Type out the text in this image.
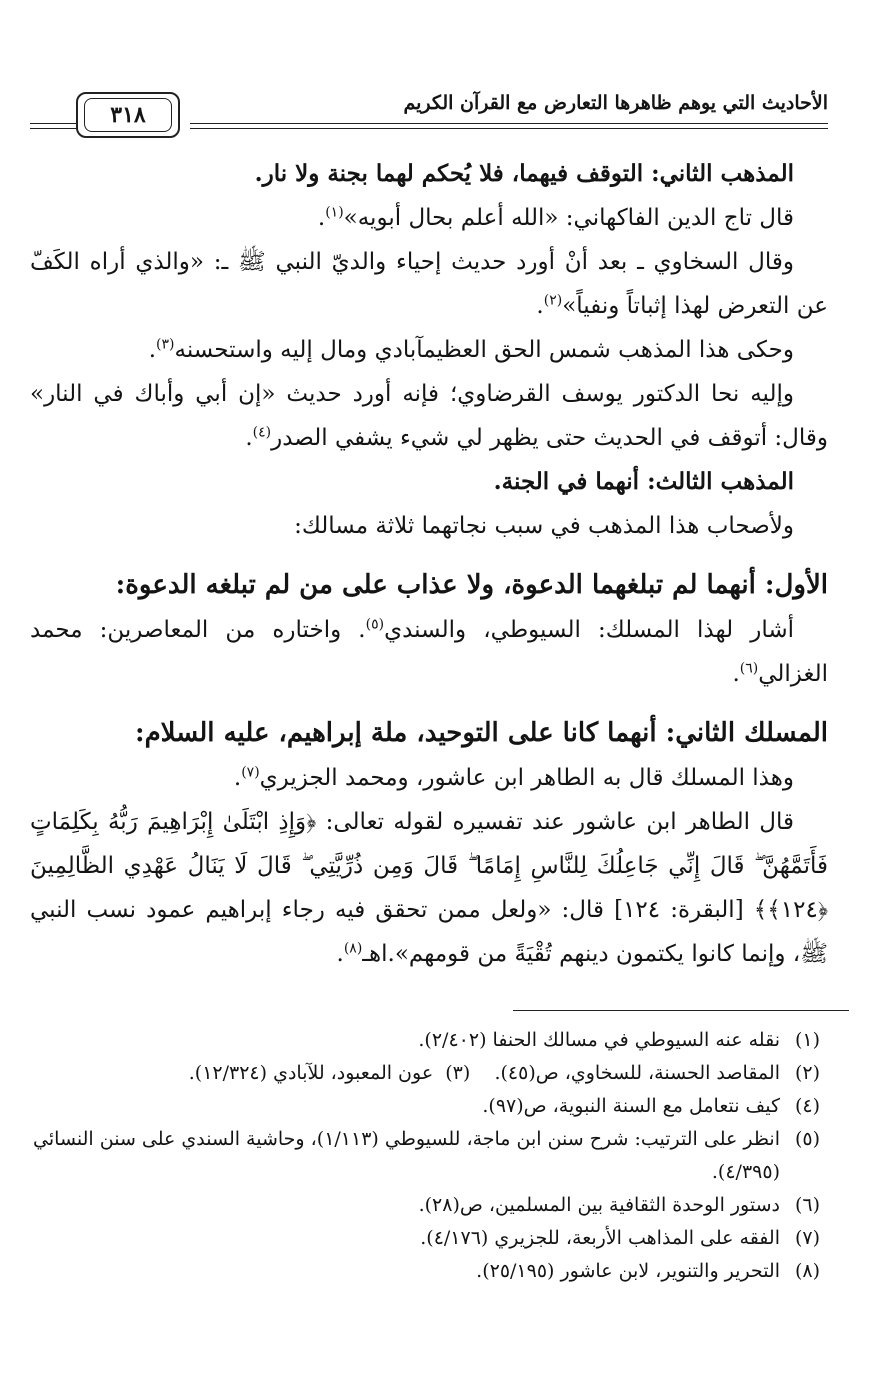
الأحاديث التي يوهم ظاهرها التعارض مع القرآن الكريم
٣١٨

المذهب الثاني: التوقف فيهما، فلا يُحكم لهما بجنة ولا نار.

قال تاج الدين الفاكهاني: «الله أعلم بحال أبويه»$^{(١)}$.

وقال السخاوي ـ بعد أنْ أورد حديث إحياء والديّ النبي ﷺ ـ: «والذي أراه الكَفّ عن التعرض لهذا إثباتاً ونفياً»$^{(٢)}$.

وحكى هذا المذهب شمس الحق العظيمآبادي ومال إليه واستحسنه$^{(٣)}$.

وإليه نحا الدكتور يوسف القرضاوي؛ فإنه أورد حديث «إن أبي وأباك في النار» وقال: أتوقف في الحديث حتى يظهر لي شيء يشفي الصدر$^{(٤)}$.

المذهب الثالث: أنهما في الجنة.

ولأصحاب هذا المذهب في سبب نجاتهما ثلاثة مسالك:

الأول: أنهما لم تبلغهما الدعوة، ولا عذاب على من لم تبلغه الدعوة:

أشار لهذا المسلك: السيوطي، والسندي$^{(٥)}$. واختاره من المعاصرين: محمد الغزالي$^{(٦)}$.

المسلك الثاني: أنهما كانا على التوحيد، ملة إبراهيم، عليه السلام:

وهذا المسلك قال به الطاهر ابن عاشور، ومحمد الجزيري$^{(٧)}$.

قال الطاهر ابن عاشور عند تفسيره لقوله تعالى: ﴿وَإِذِ ابْتَلَىٰ إِبْرَاهِيمَ رَبُّهُ بِكَلِمَاتٍ فَأَتَمَّهُنَّ ۖ قَالَ إِنِّي جَاعِلُكَ لِلنَّاسِ إِمَامًا ۖ قَالَ وَمِن ذُرِّيَّتِي ۖ قَالَ لَا يَنَالُ عَهْدِي الظَّالِمِينَ ﴿١٢٤﴾﴾ [البقرة: ١٢٤] قال: «ولعل ممن تحقق فيه رجاء إبراهيم عمود نسب النبي ﷺ، وإنما كانوا يكتمون دينهم تُقْيَةً من قومهم».اهـ$^{(٨)}$.

(١)
نقله عنه السيوطي في مسالك الحنفا (٢/٤٠٢).

(٢)
المقاصد الحسنة، للسخاوي، ص(٤٥).    (٣)  عون المعبود، للآبادي (١٢/٣٢٤).

(٤)
كيف نتعامل مع السنة النبوية، ص(٩٧).

(٥)
انظر على الترتيب: شرح سنن ابن ماجة، للسيوطي (١/١١٣)، وحاشية السندي على سنن النسائي (٤/٣٩٥).

(٦)
دستور الوحدة الثقافية بين المسلمين، ص(٢٨).

(٧)
الفقه على المذاهب الأربعة، للجزيري (٤/١٧٦).

(٨)
التحرير والتنوير، لابن عاشور (٢٥/١٩٥).
